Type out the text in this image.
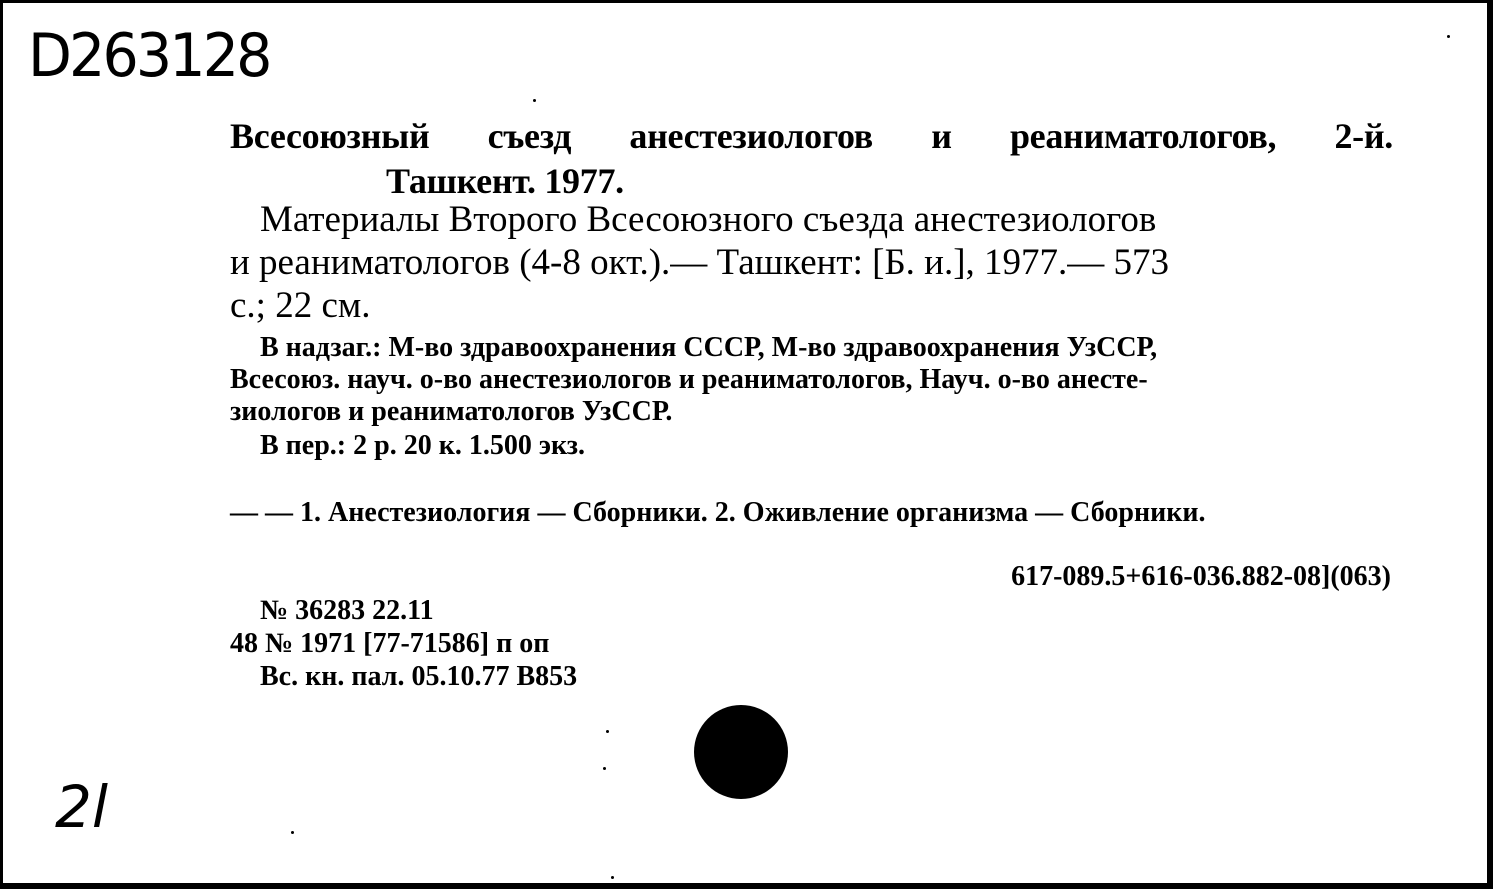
D263128
Всесоюзный съезд анестезиологов и реаниматологов, 2-й.
Ташкент. 1977.
Материалы Второго Всесоюзного съезда анестезиологов
и реаниматологов (4-8 окт.).— Ташкент: [Б. и.], 1977.— 573
с.; 22 см.
В надзаг.: М-во здравоохранения СССР, М-во здравоохранения УзССР,
Всесоюз. науч. о-во анестезиологов и реаниматологов, Науч. о-во анесте-
зиологов и реаниматологов УзССР.
В пер.: 2 р. 20 к. 1.500 экз.
— — 1. Анестезиология — Сборники. 2. Оживление организма — Сборники.
617-089.5+616-036.882-08](063)
№ 36283 22.11
48 № 1971 [77-71586] п оп
Вс. кн. пал. 05.10.77 В853
2l
